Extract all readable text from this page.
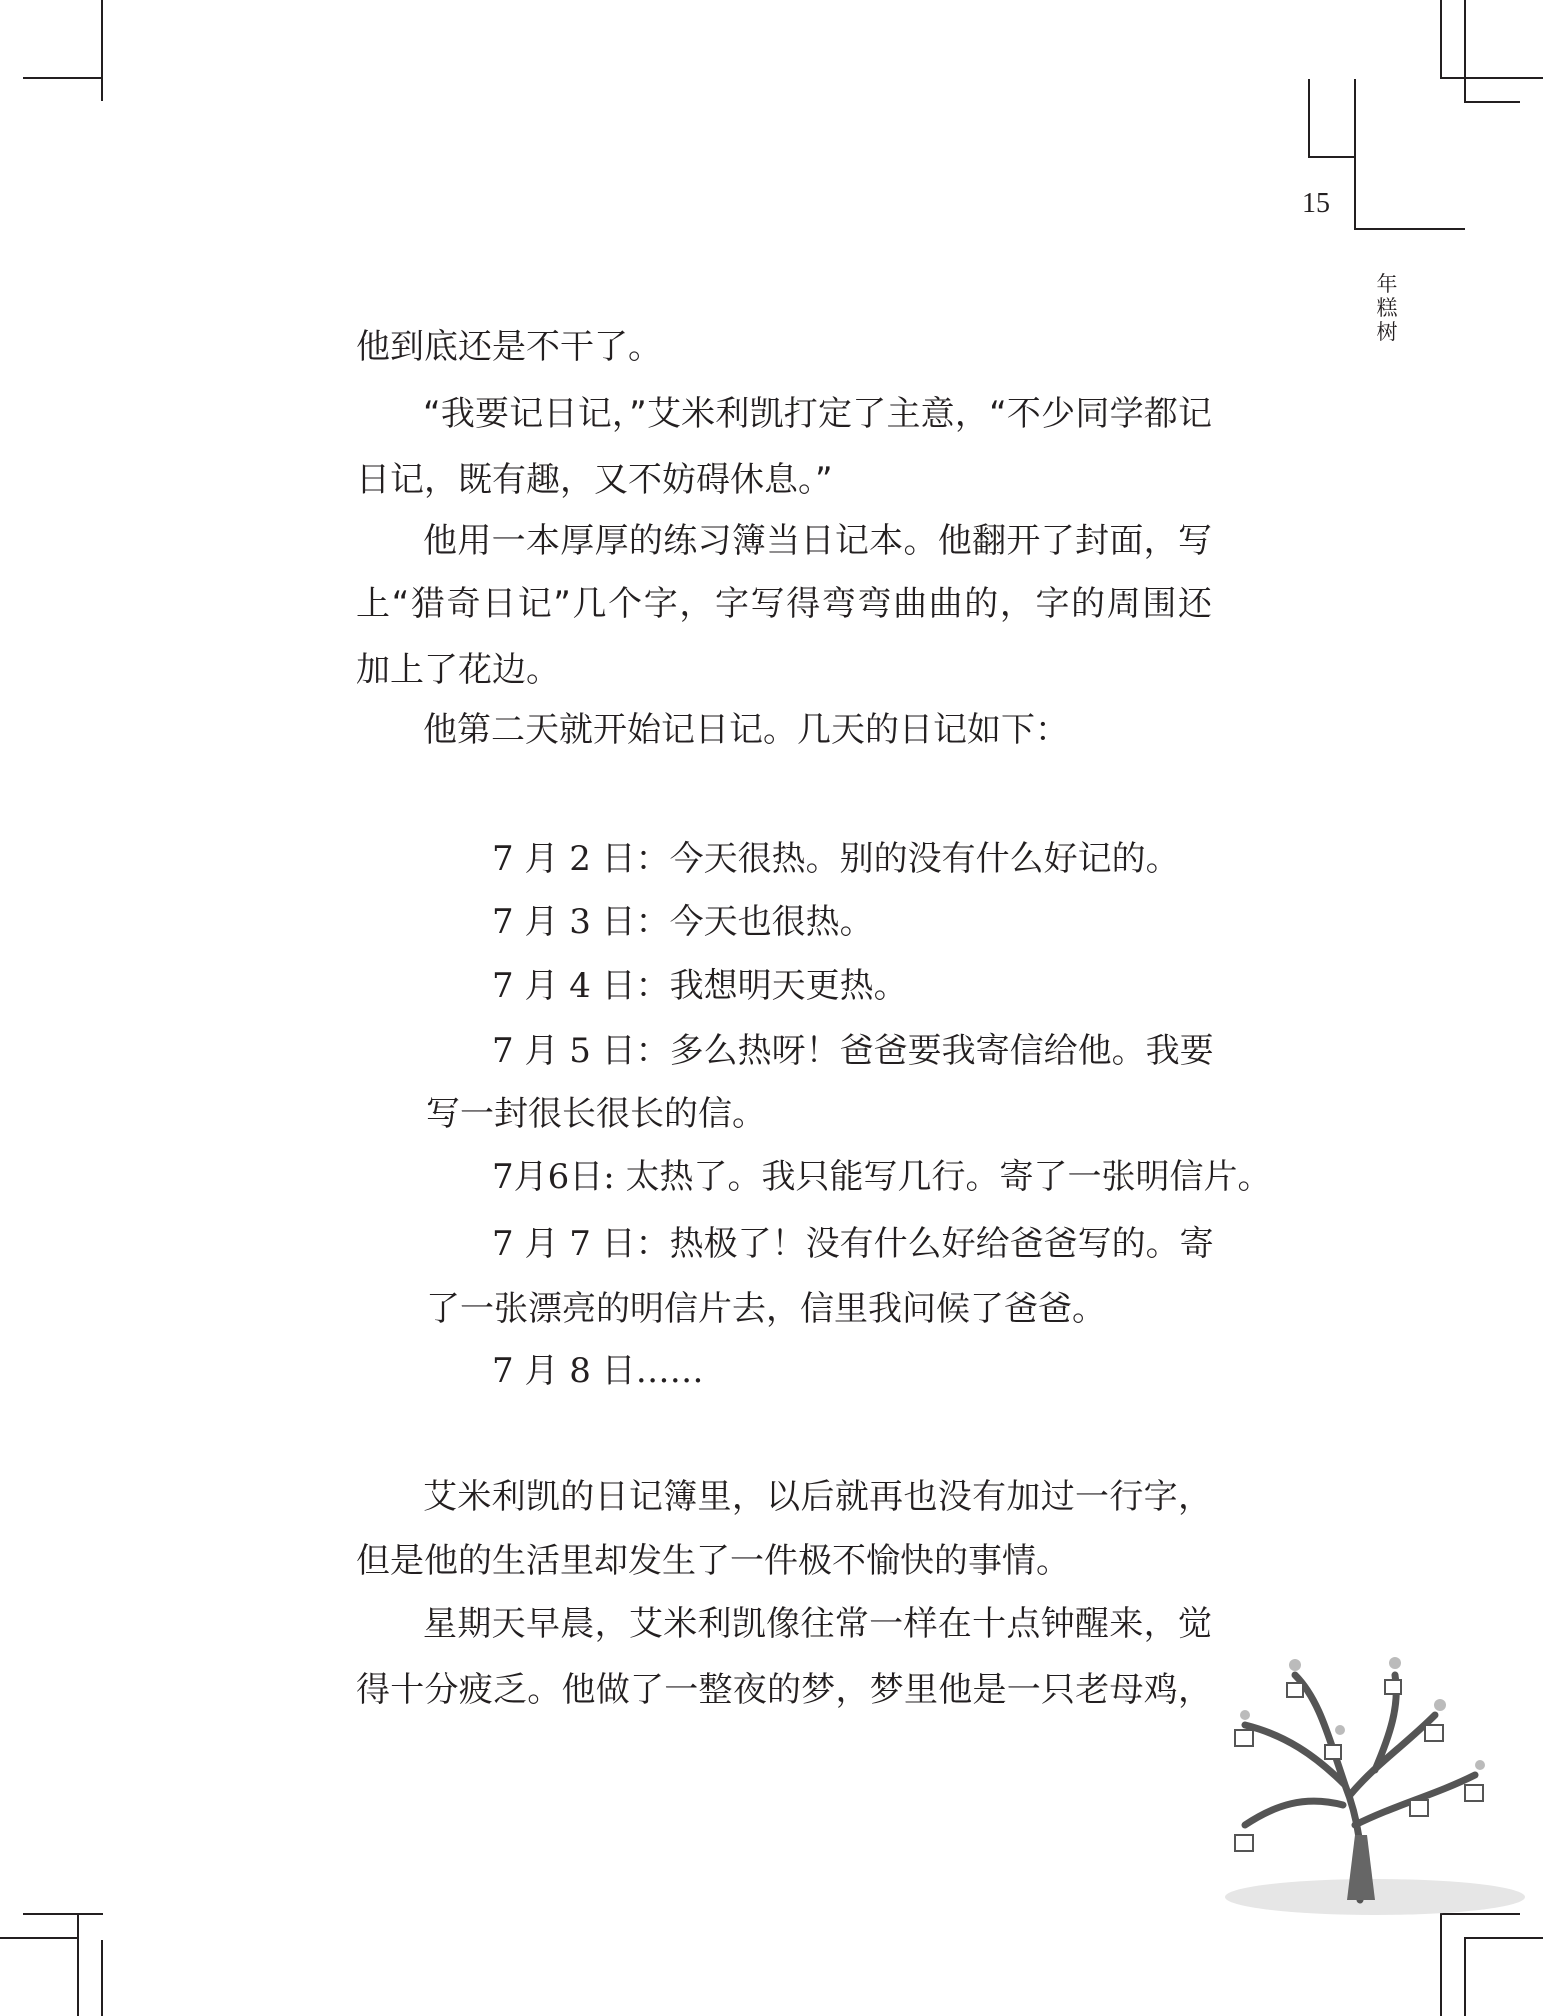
15
年糕树
他到底还是不干了。
“我要记日记，”艾米利凯打定了主意，“不少同学都记
日记，既有趣，又不妨碍休息。”
他用一本厚厚的练习簿当日记本。他翻开了封面，写
上“猎奇日记”几个字，字写得弯弯曲曲的，字的周围还
加上了花边。
他第二天就开始记日记。几天的日记如下：
7 月 2 日：今天很热。别的没有什么好记的。
7 月 3 日：今天也很热。
7 月 4 日：我想明天更热。
7 月 5 日：多么热呀！爸爸要我寄信给他。我要
写一封很长很长的信。
7月6日: 太热了。我只能写几行。寄了一张明信片。
7 月 7 日：热极了！没有什么好给爸爸写的。寄
了一张漂亮的明信片去，信里我问候了爸爸。
7 月 8 日……
艾米利凯的日记簿里，以后就再也没有加过一行字，
但是他的生活里却发生了一件极不愉快的事情。
星期天早晨，艾米利凯像往常一样在十点钟醒来，觉
得十分疲乏。他做了一整夜的梦，梦里他是一只老母鸡，
